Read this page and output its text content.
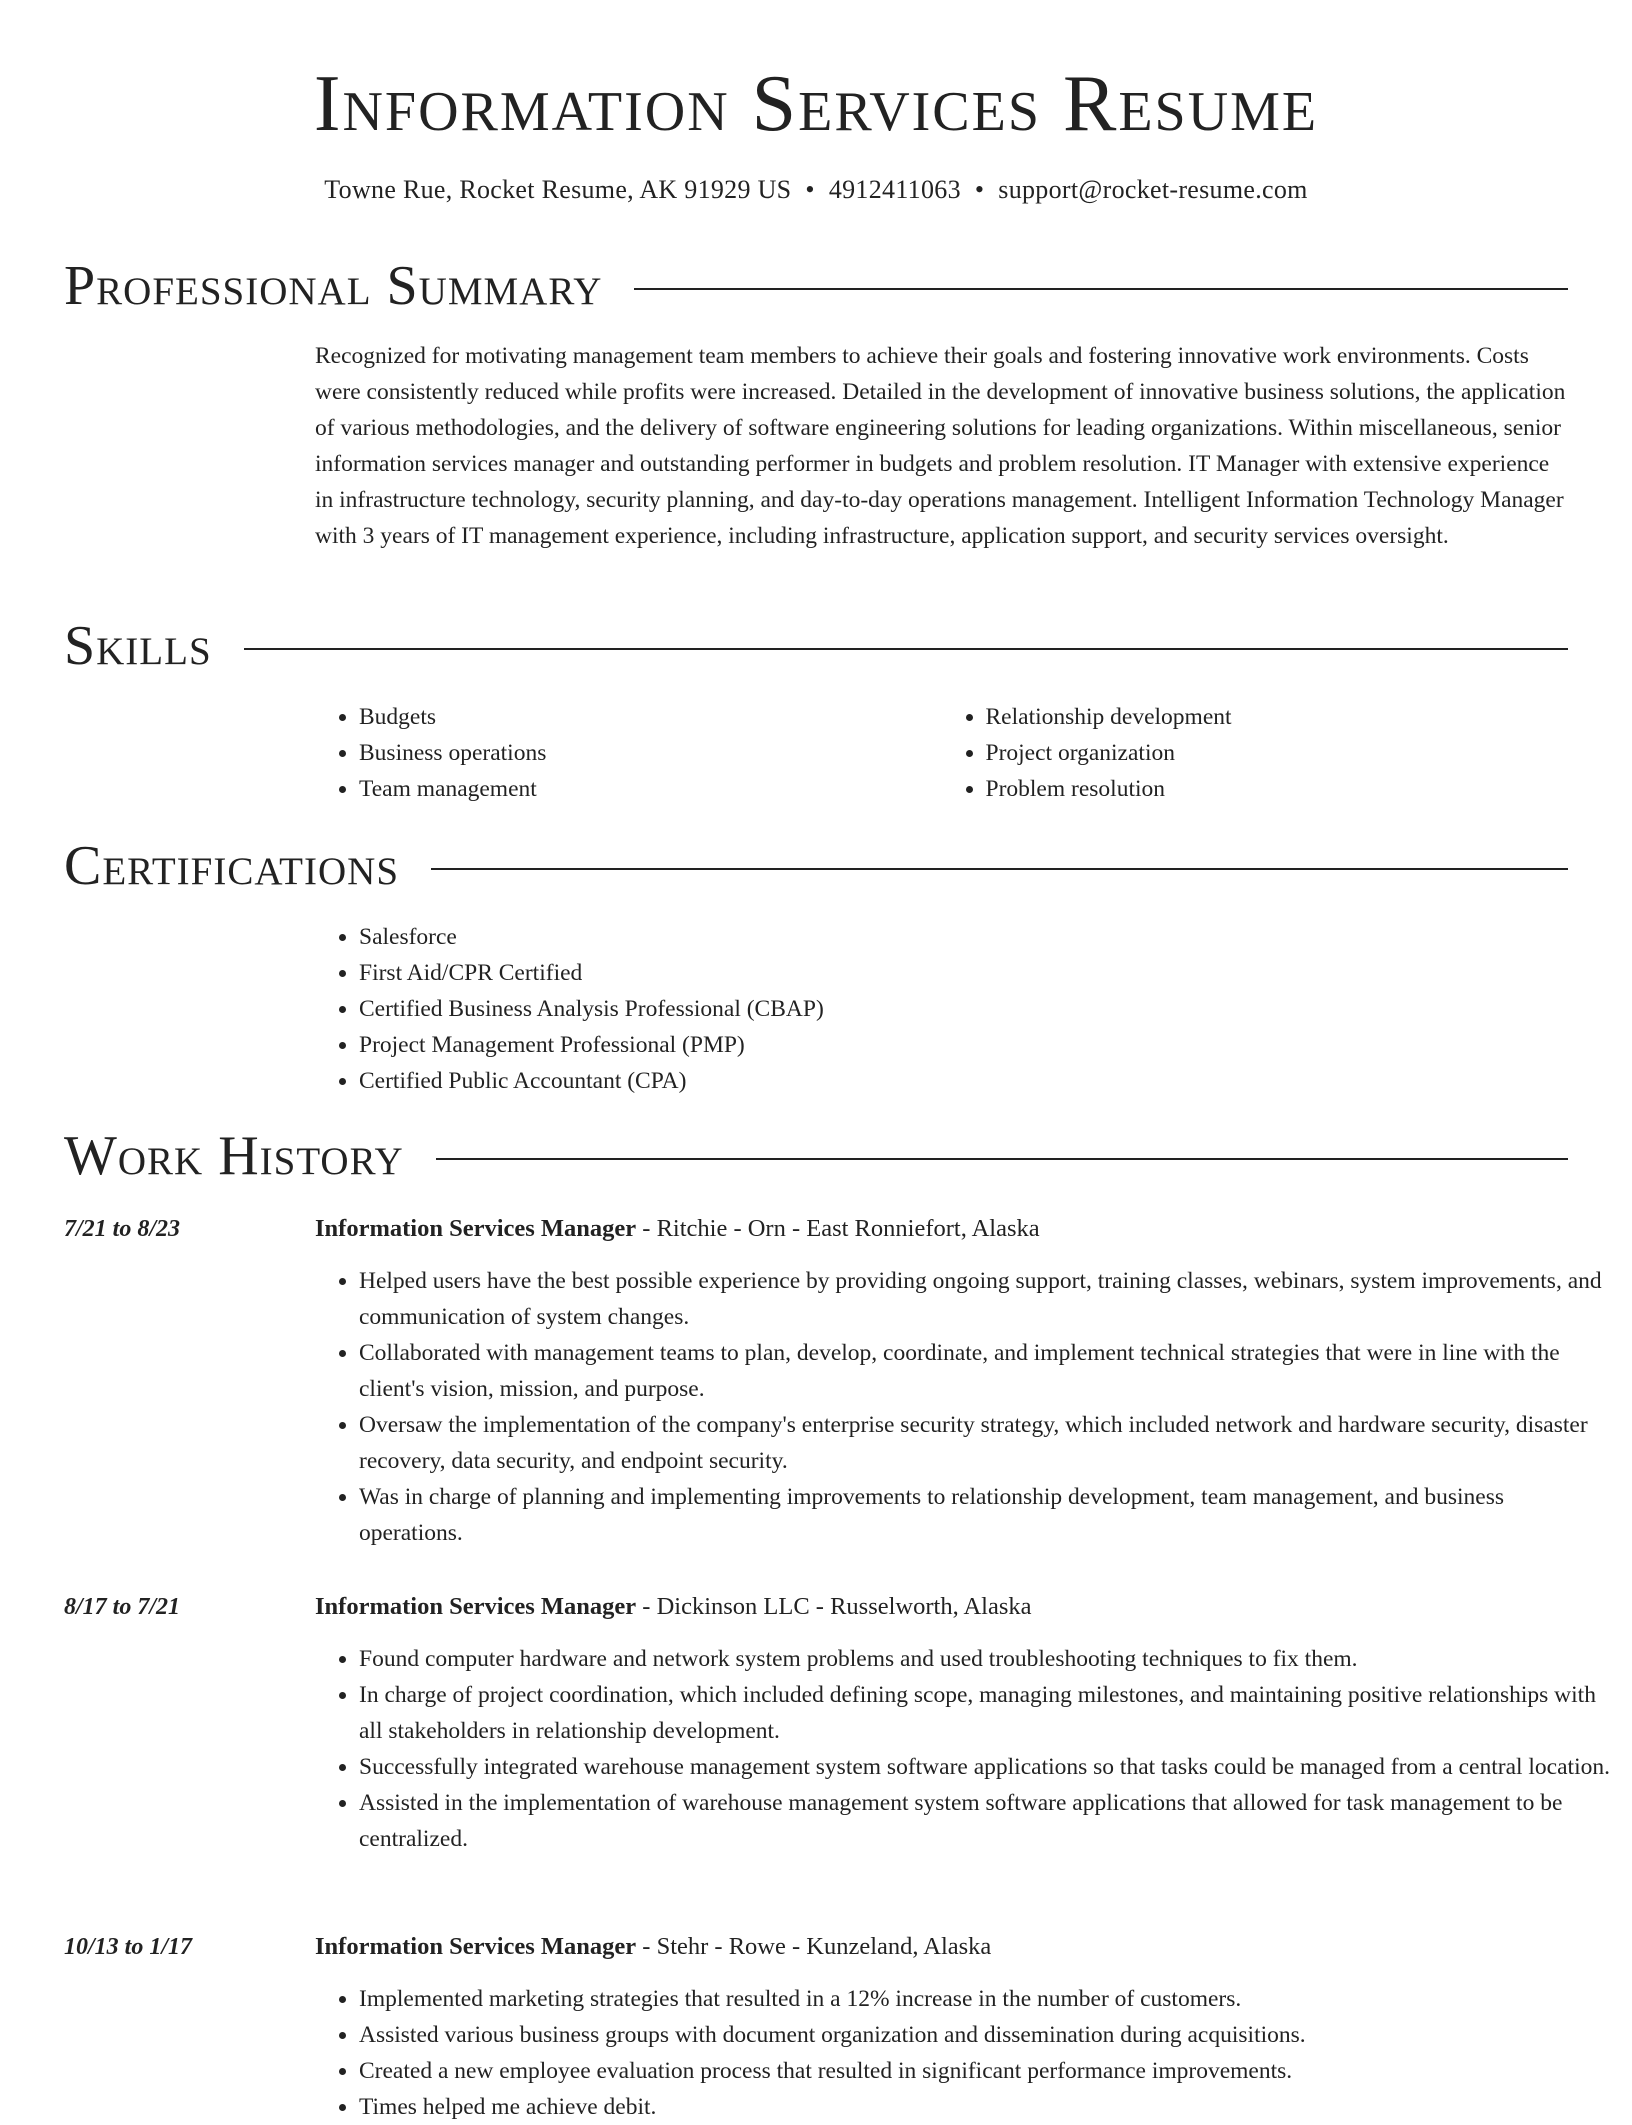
Information Services Resume
Towne Rue, Rocket Resume, AK 91929 US • 4912411063 • support@rocket-resume.com
Professional Summary

Recognized for motivating management team members to achieve their goals and fostering innovative work environments. Costs were consistently reduced while profits were increased. Detailed in the development of innovative business solutions, the application of various methodologies, and the delivery of software engineering solutions for leading organizations. Within miscellaneous, senior information services manager and outstanding performer in budgets and problem resolution. IT Manager with extensive experience in infrastructure technology, security planning, and day-to-day operations management. Intelligent Information Technology Manager with 3 years of IT management experience, including infrastructure, application support, and security services oversight.

Skills
• Budgets
• Business operations
• Team management
• Relationship development
• Project organization
• Problem resolution
Certifications
• Salesforce
• First Aid/CPR Certified
• Certified Business Analysis Professional (CBAP)
• Project Management Professional (PMP)
• Certified Public Accountant (CPA)
Work History
7/21 to 8/23	Information Services Manager - Ritchie - Orn - East Ronniefort, Alaska
• Helped users have the best possible experience by providing ongoing support, training classes, webinars, system improvements, and communication of system changes.
• Collaborated with management teams to plan, develop, coordinate, and implement technical strategies that were in line with the client's vision, mission, and purpose.
• Oversaw the implementation of the company's enterprise security strategy, which included network and hardware security, disaster recovery, data security, and endpoint security.
• Was in charge of planning and implementing improvements to relationship development, team management, and business operations.
8/17 to 7/21	Information Services Manager - Dickinson LLC - Russelworth, Alaska
• Found computer hardware and network system problems and used troubleshooting techniques to fix them.
• In charge of project coordination, which included defining scope, managing milestones, and maintaining positive relationships with all stakeholders in relationship development.
• Successfully integrated warehouse management system software applications so that tasks could be managed from a central location.
• Assisted in the implementation of warehouse management system software applications that allowed for task management to be centralized.
10/13 to 1/17	Information Services Manager - Stehr - Rowe - Kunzeland, Alaska
• Implemented marketing strategies that resulted in a 12% increase in the number of customers.
• Assisted various business groups with document organization and dissemination during acquisitions.
• Created a new employee evaluation process that resulted in significant performance improvements.
• Times helped me achieve debit.
